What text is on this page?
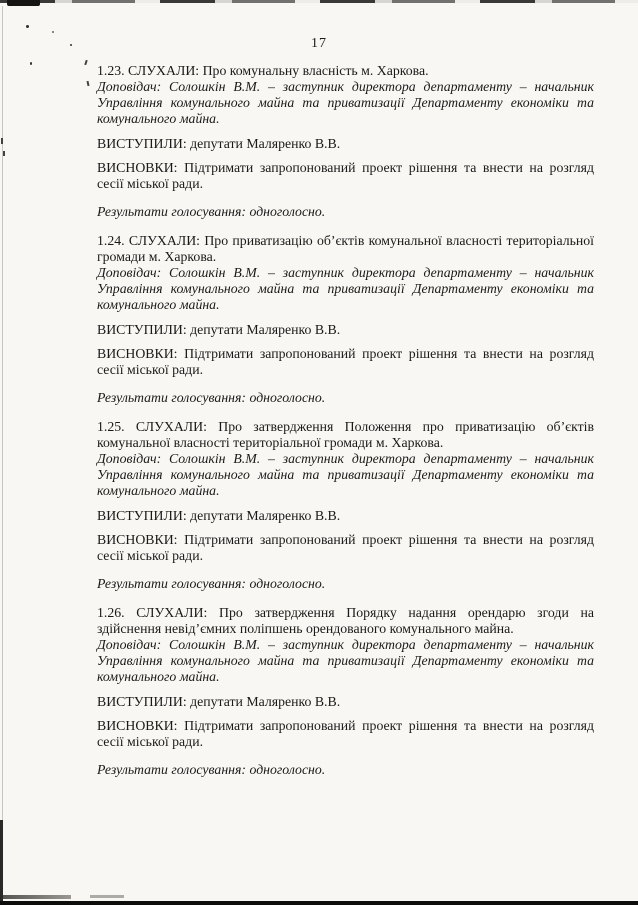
17

1.23. СЛУХАЛИ: Про комунальну власність м. Харкова.

Доповідач: Солошкін В.М. – заступник директора департаменту – начальник Управління комунального майна та приватизації Департаменту економіки та комунального майна.

ВИСТУПИЛИ: депутати Маляренко В.В.

ВИСНОВКИ: Підтримати запропонований проект рішення та внести на розгляд сесії міської ради.

Результати голосування: одноголосно.

1.24. СЛУХАЛИ: Про приватизацію об’єктів комунальної власності територіальної громади м. Харкова.

Доповідач: Солошкін В.М. – заступник директора департаменту – начальник Управління комунального майна та приватизації Департаменту економіки та комунального майна.

ВИСТУПИЛИ: депутати Маляренко В.В.

ВИСНОВКИ: Підтримати запропонований проект рішення та внести на розгляд сесії міської ради.

Результати голосування: одноголосно.

1.25. СЛУХАЛИ: Про затвердження Положення про приватизацію об’єктів комунальної власності територіальної громади м. Харкова.

Доповідач: Солошкін В.М. – заступник директора департаменту – начальник Управління комунального майна та приватизації Департаменту економіки та комунального майна.

ВИСТУПИЛИ: депутати Маляренко В.В.

ВИСНОВКИ: Підтримати запропонований проект рішення та внести на розгляд сесії міської ради.

Результати голосування: одноголосно.

1.26. СЛУХАЛИ: Про затвердження Порядку надання орендарю згоди на здійснення невід’ємних поліпшень орендованого комунального майна.

Доповідач: Солошкін В.М. – заступник директора департаменту – начальник Управління комунального майна та приватизації Департаменту економіки та комунального майна.

ВИСТУПИЛИ: депутати Маляренко В.В.

ВИСНОВКИ: Підтримати запропонований проект рішення та внести на розгляд сесії міської ради.

Результати голосування: одноголосно.
